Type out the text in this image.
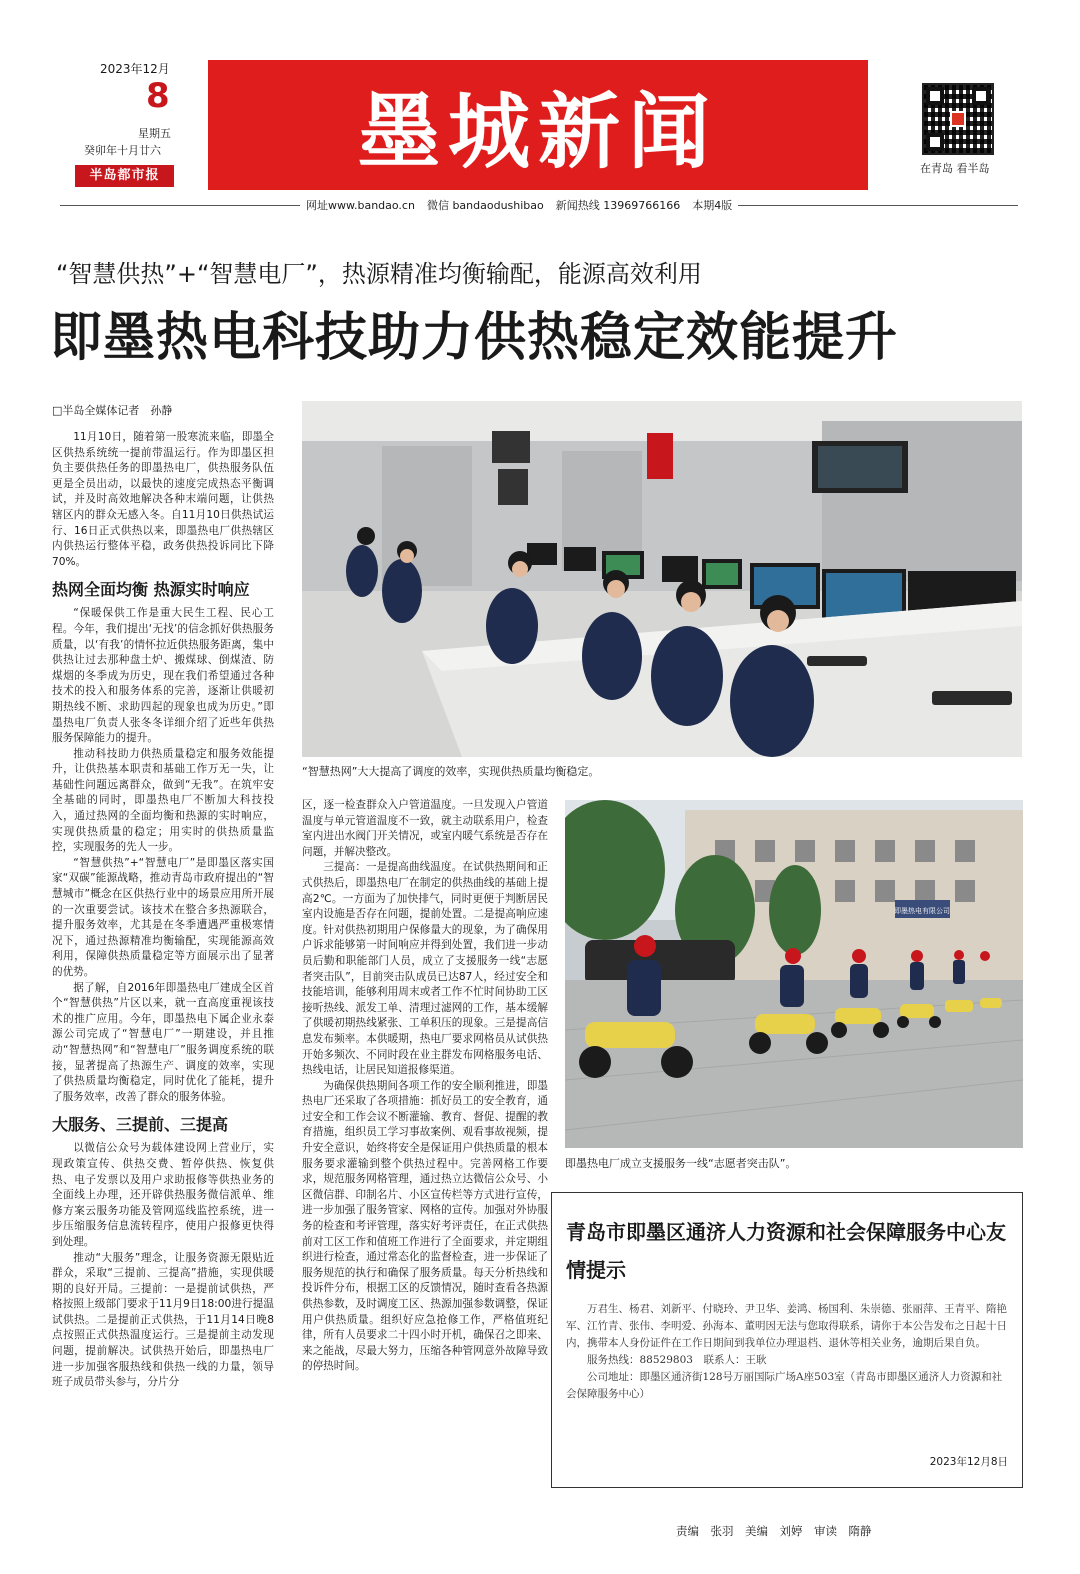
2023年12月
8
星期五
癸卯年十月廿六
半岛都市报 墨城新闻	在青岛 看半岛
网址www.bandao.cn 微信 bandaodushibao 新闻热线 13969766166 本期4版
“智慧供热”+“智慧电厂”，热源精准均衡输配，能源高效利用
即墨热电科技助力供热稳定效能提升
□半岛全媒体记者　孙静

11月10日，随着第一股寒流来临，即墨全区供热系统统一提前带温运行。作为即墨区担负主要供热任务的即墨热电厂，供热服务队伍更是全员出动，以最快的速度完成热态平衡调试，并及时高效地解决各种末端问题，让供热辖区内的群众无感入冬。自11月10日供热试运行、16日正式供热以来，即墨热电厂供热辖区内供热运行整体平稳，政务供热投诉同比下降70%。

热网全面均衡 热源实时响应

“保暖保供工作是重大民生工程、民心工程。今年，我们提出‘无找’的信念抓好供热服务质量，以‘有我’的情怀拉近供热服务距离，集中供热让过去那种盘土炉、搬煤球、倒煤渣、防煤烟的冬季成为历史，现在我们希望通过各种技术的投入和服务体系的完善，逐渐让供暖初期热线不断、求助四起的现象也成为历史。”即墨热电厂负责人张冬冬详细介绍了近些年供热服务保障能力的提升。

推动科技助力供热质量稳定和服务效能提升，让供热基本职责和基础工作万无一失，让基础性问题远离群众，做到“无我”。在筑牢安全基础的同时，即墨热电厂不断加大科技投入，通过热网的全面均衡和热源的实时响应，实现供热质量的稳定；用实时的供热质量监控，实现服务的先人一步。

“智慧供热”+“智慧电厂”是即墨区落实国家“双碳”能源战略，推动青岛市政府提出的“智慧城市”概念在区供热行业中的场景应用所开展的一次重要尝试。该技术在整合多热源联合，提升服务效率，尤其是在冬季遭遇严重极寒情况下，通过热源精准均衡输配，实现能源高效利用，保障供热质量稳定等方面展示出了显著的优势。

据了解，自2016年即墨热电厂建成全区首个“智慧供热”片区以来，就一直高度重视该技术的推广应用。今年，即墨热电下属企业永泰源公司完成了“智慧电厂”一期建设，并且推动“智慧热网”和“智慧电厂”服务调度系统的联接，显著提高了热源生产、调度的效率，实现了供热质量均衡稳定，同时优化了能耗，提升了服务效率，改善了群众的服务体验。

大服务、三提前、三提高

以微信公众号为载体建设网上营业厅，实现政策宣传、供热交费、暂停供热、恢复供热、电子发票以及用户求助报修等供热业务的全面线上办理，还开辟供热服务微信派单、维修方案云服务功能及管网巡线监控系统，进一步压缩服务信息流转程序，使用户报修更快得到处理。

推动“大服务”理念，让服务资源无限贴近群众，采取“三提前、三提高”措施，实现供暖期的良好开局。三提前：一是提前试供热，严格按照上级部门要求于11月9日18:00进行提温试供热。二是提前正式供热，于11月14日晚8点按照正式供热温度运行。三是提前主动发现问题，提前解决。试供热开始后，即墨热电厂进一步加强客服热线和供热一线的力量，领导班子成员带头参与，分片分

“智慧热网”大大提高了调度的效率，实现供热质量均衡稳定。

区，逐一检查群众入户管道温度。一旦发现入户管道温度与单元管道温度不一致，就主动联系用户，检查室内进出水阀门开关情况，或室内暖气系统是否存在问题，并解决整改。

三提高：一是提高曲线温度。在试供热期间和正式供热后，即墨热电厂在制定的供热曲线的基础上提高2℃。一方面为了加快排气，同时更便于判断居民室内设施是否存在问题，提前处置。二是提高响应速度。针对供热初期用户保修量大的现象，为了确保用户诉求能够第一时间响应并得到处置，我们进一步动员后勤和职能部门人员，成立了支援服务一线“志愿者突击队”，目前突击队成员已达87人，经过安全和技能培训，能够利用周末或者工作不忙时间协助工区接听热线、派发工单、清理过滤网的工作，基本缓解了供暖初期热线紧张、工单积压的现象。三是提高信息发布频率。本供暖期，热电厂要求网格员从试供热开始多频次、不同时段在业主群发布网格服务电话、热线电话，让居民知道报修渠道。

为确保供热期间各项工作的安全顺利推进，即墨热电厂还采取了各项措施：抓好员工的安全教育，通过安全和工作会议不断灌输、教育、督促、提醒的教育措施，组织员工学习事故案例、观看事故视频，提升安全意识，始终将安全是保证用户供热质量的根本服务要求灌输到整个供热过程中。完善网格工作要求，规范服务网格管理，通过热立达微信公众号、小区微信群、印制名片、小区宣传栏等方式进行宣传，进一步加强了服务管家、网格的宣传。加强对外协服务的检查和考评管理，落实好考评责任，在正式供热前对工区工作和值班工作进行了全面要求，并定期组织进行检查，通过常态化的监督检查，进一步保证了服务规范的执行和确保了服务质量。每天分析热线和投诉件分布，根据工区的反馈情况，随时查看各热源供热参数，及时调度工区、热源加强参数调整，保证用户供热质量。组织好应急抢修工作，严格值班纪律，所有人员要求二十四小时开机，确保召之即来、来之能战，尽最大努力，压缩各种管网意外故障导致的停热时间。

即墨热电有限公司
即墨热电厂成立支援服务一线“志愿者突击队”。
青岛市即墨区通济人力资源和社会保障服务中心友情提示

万君生、杨君、刘新平、付晓玲、尹卫华、姜鸿、杨国利、朱崇德、张丽萍、王青平、隋艳军、江竹青、张伟、李明爱、孙海本、董明因无法与您取得联系，请你于本公告发布之日起十日内，携带本人身份证件在工作日期间到我单位办理退档、退休等相关业务，逾期后果自负。

服务热线：88529803　联系人：王耿

公司地址：即墨区通济街128号万丽国际广场A座503室（青岛市即墨区通济人力资源和社会保障服务中心）

2023年12月8日
责编　张羽　美编　刘婷　审读　隋静
